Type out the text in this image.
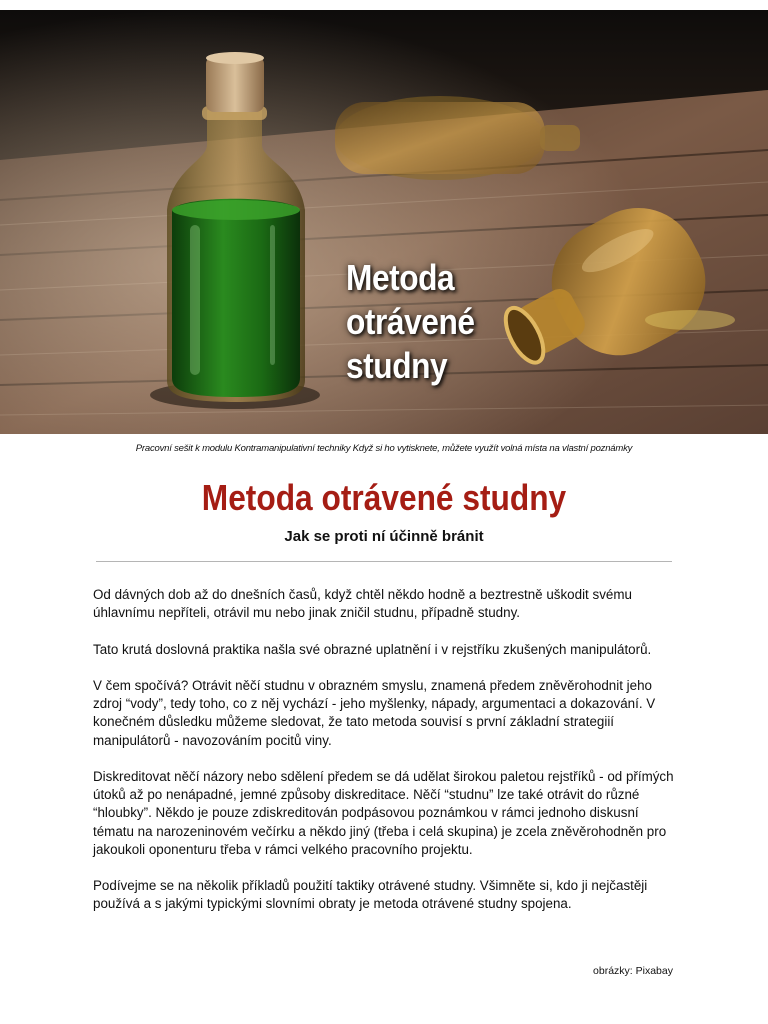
Metoda
otrávené
studny
Pracovní sešit k modulu Kontramanipulativní techniky Když si ho vytisknete, můžete využít volná místa na vlastní poznámky
Metoda otrávené studny
Jak se proti ní účinně bránit

Od dávných dob až do dnešních časů, když chtěl někdo hodně a beztrestně uškodit svému úhlavnímu nepříteli, otrávil mu nebo jinak zničil studnu, případně studny.

Tato krutá doslovná praktika našla své obrazné uplatnění i v rejstříku zkušených manipulátorů.

V čem spočívá? Otrávit něčí studnu v obrazném smyslu, znamená předem zněvěrohodnit jeho zdroj “vody”, tedy toho, co z něj vychází - jeho myšlenky, nápady, argumentaci a dokazování. V konečném důsledku můžeme sledovat, že tato metoda souvisí s první základní strategiií manipulátorů - navozováním pocitů viny.

Diskreditovat něčí názory nebo sdělení předem se dá udělat širokou paletou rejstříků - od přímých útoků až po nenápadné, jemné způsoby diskreditace. Něčí “studnu” lze také otrávit do různé “hloubky”. Někdo je pouze zdiskreditován podpásovou poznámkou v rámci jednoho diskusní tématu na narozeninovém večírku a někdo jiný (třeba i celá skupina) je zcela zněvěrohodněn pro jakoukoli oponenturu třeba v rámci velkého pracovního projektu.

Podívejme se na několik příkladů použití taktiky otrávené studny. Všimněte si, kdo ji nejčastěji používá a s jakými typickými slovními obraty je metoda otrávené studny spojena.

obrázky: Pixabay
